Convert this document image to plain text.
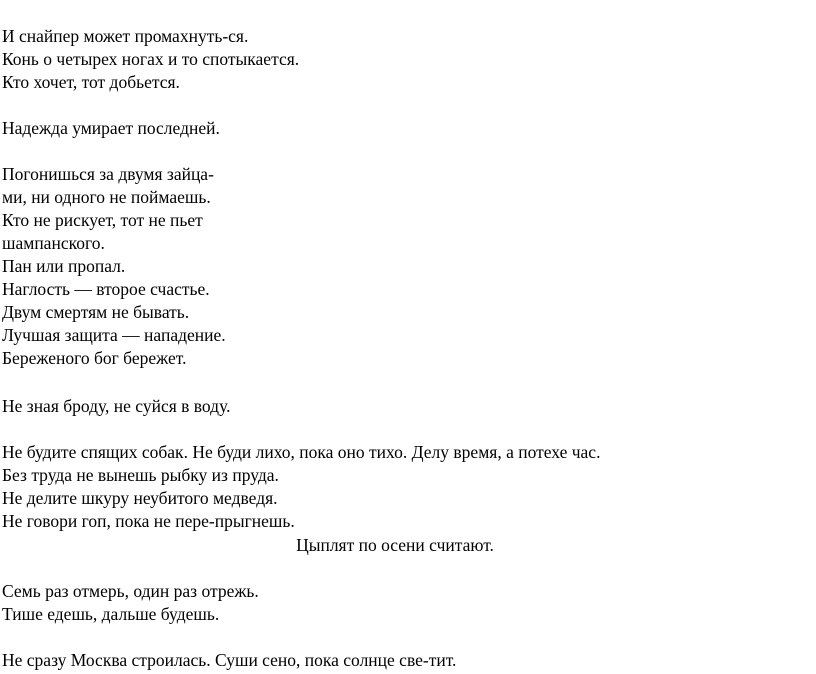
И снайпер может промахнуть-ся.

Конь о четырех ногах и то спотыкается.

Кто хочет, тот добьется.

Надежда умирает последней.

Погонишься за двумя зайца-

ми, ни одного не поймаешь.

Кто не рискует, тот не пьет

шампанского.

Пан или пропал.

Наглость — второе счастье.

Двум смертям не бывать.

Лучшая защита — нападение.

Береженого бог бережет.

Не зная броду, не суйся в воду.

Не будите спящих собак. Не буди лихо, пока оно тихо. Делу время, а потехе час.

Без труда не вынешь рыбку из пруда.

Не делите шкуру неубитого медведя.

Не говори гоп, пока не пере-прыгнешь.

Цыплят по осени считают.

Семь раз отмерь, один раз отрежь.

Тише едешь, дальше будешь.

Не сразу Москва строилась. Суши сено, пока солнце све-тит.
